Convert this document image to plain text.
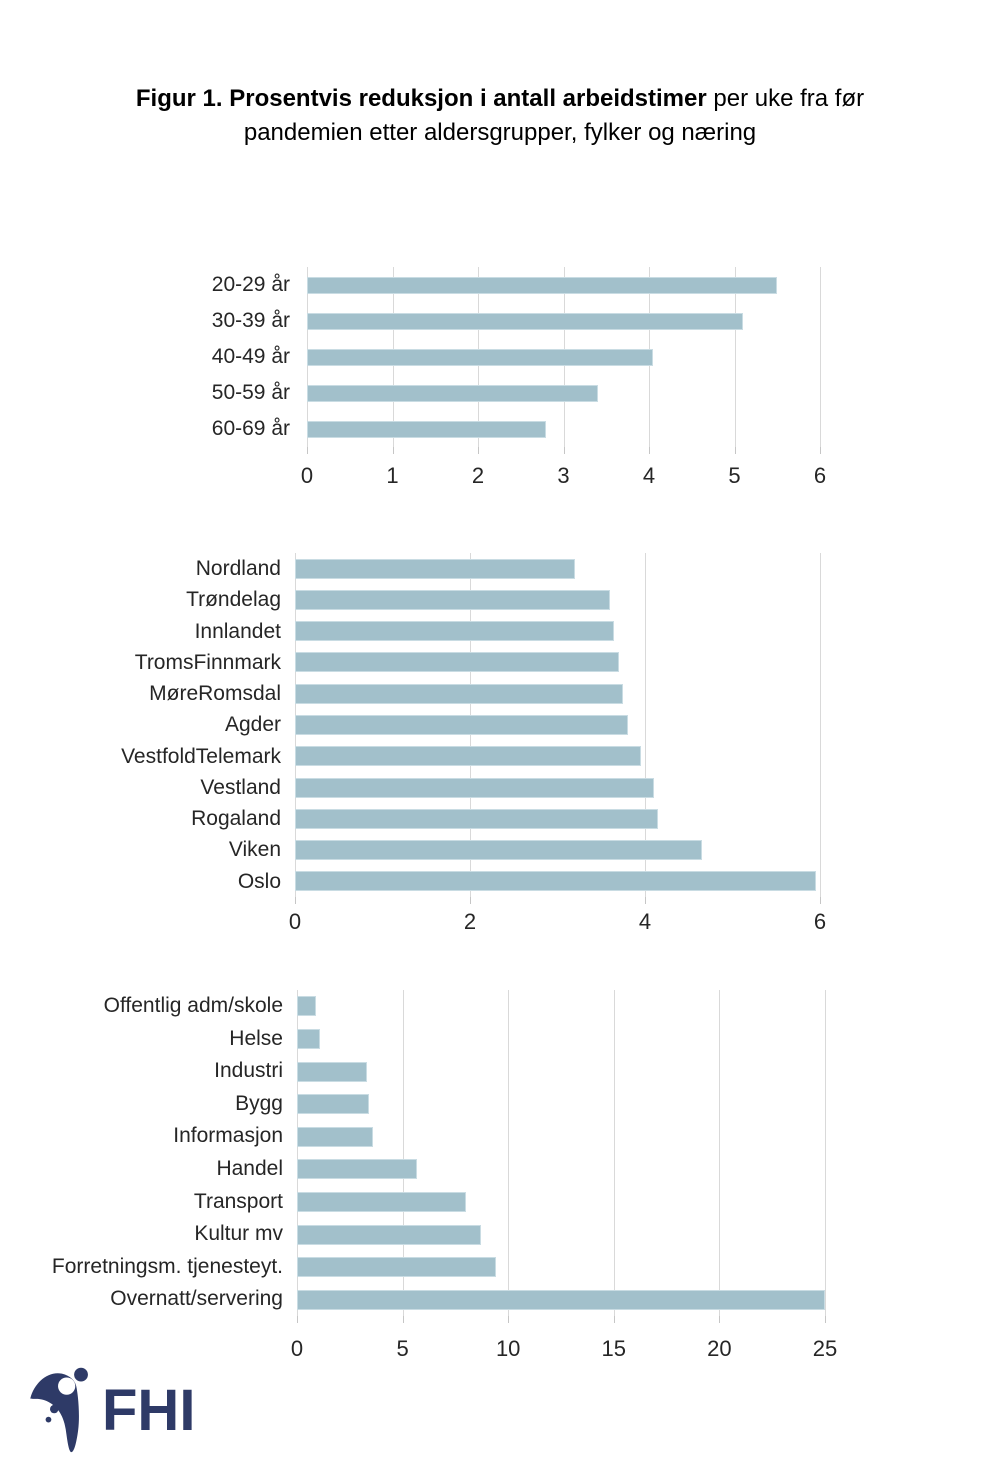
Figur 1. Prosentvis reduksjon i antall arbeidstimer per uke fra før
pandemien etter aldersgrupper, fylker og næring
0	1	2	3	4	5	6
20-29 år
30-39 år
40-49 år
50-59 år
60-69 år
0	2	4	6
Nordland
Trøndelag
Innlandet
TromsFinnmark
MøreRomsdal
Agder
VestfoldTelemark
Vestland
Rogaland
Viken
Oslo
0	5	10	15	20	25
Offentlig adm/skole
Helse
Industri
Bygg
Informasjon
Handel
Transport
Kultur mv
Forretningsm. tjenesteyt.
Overnatt/servering
FHI
